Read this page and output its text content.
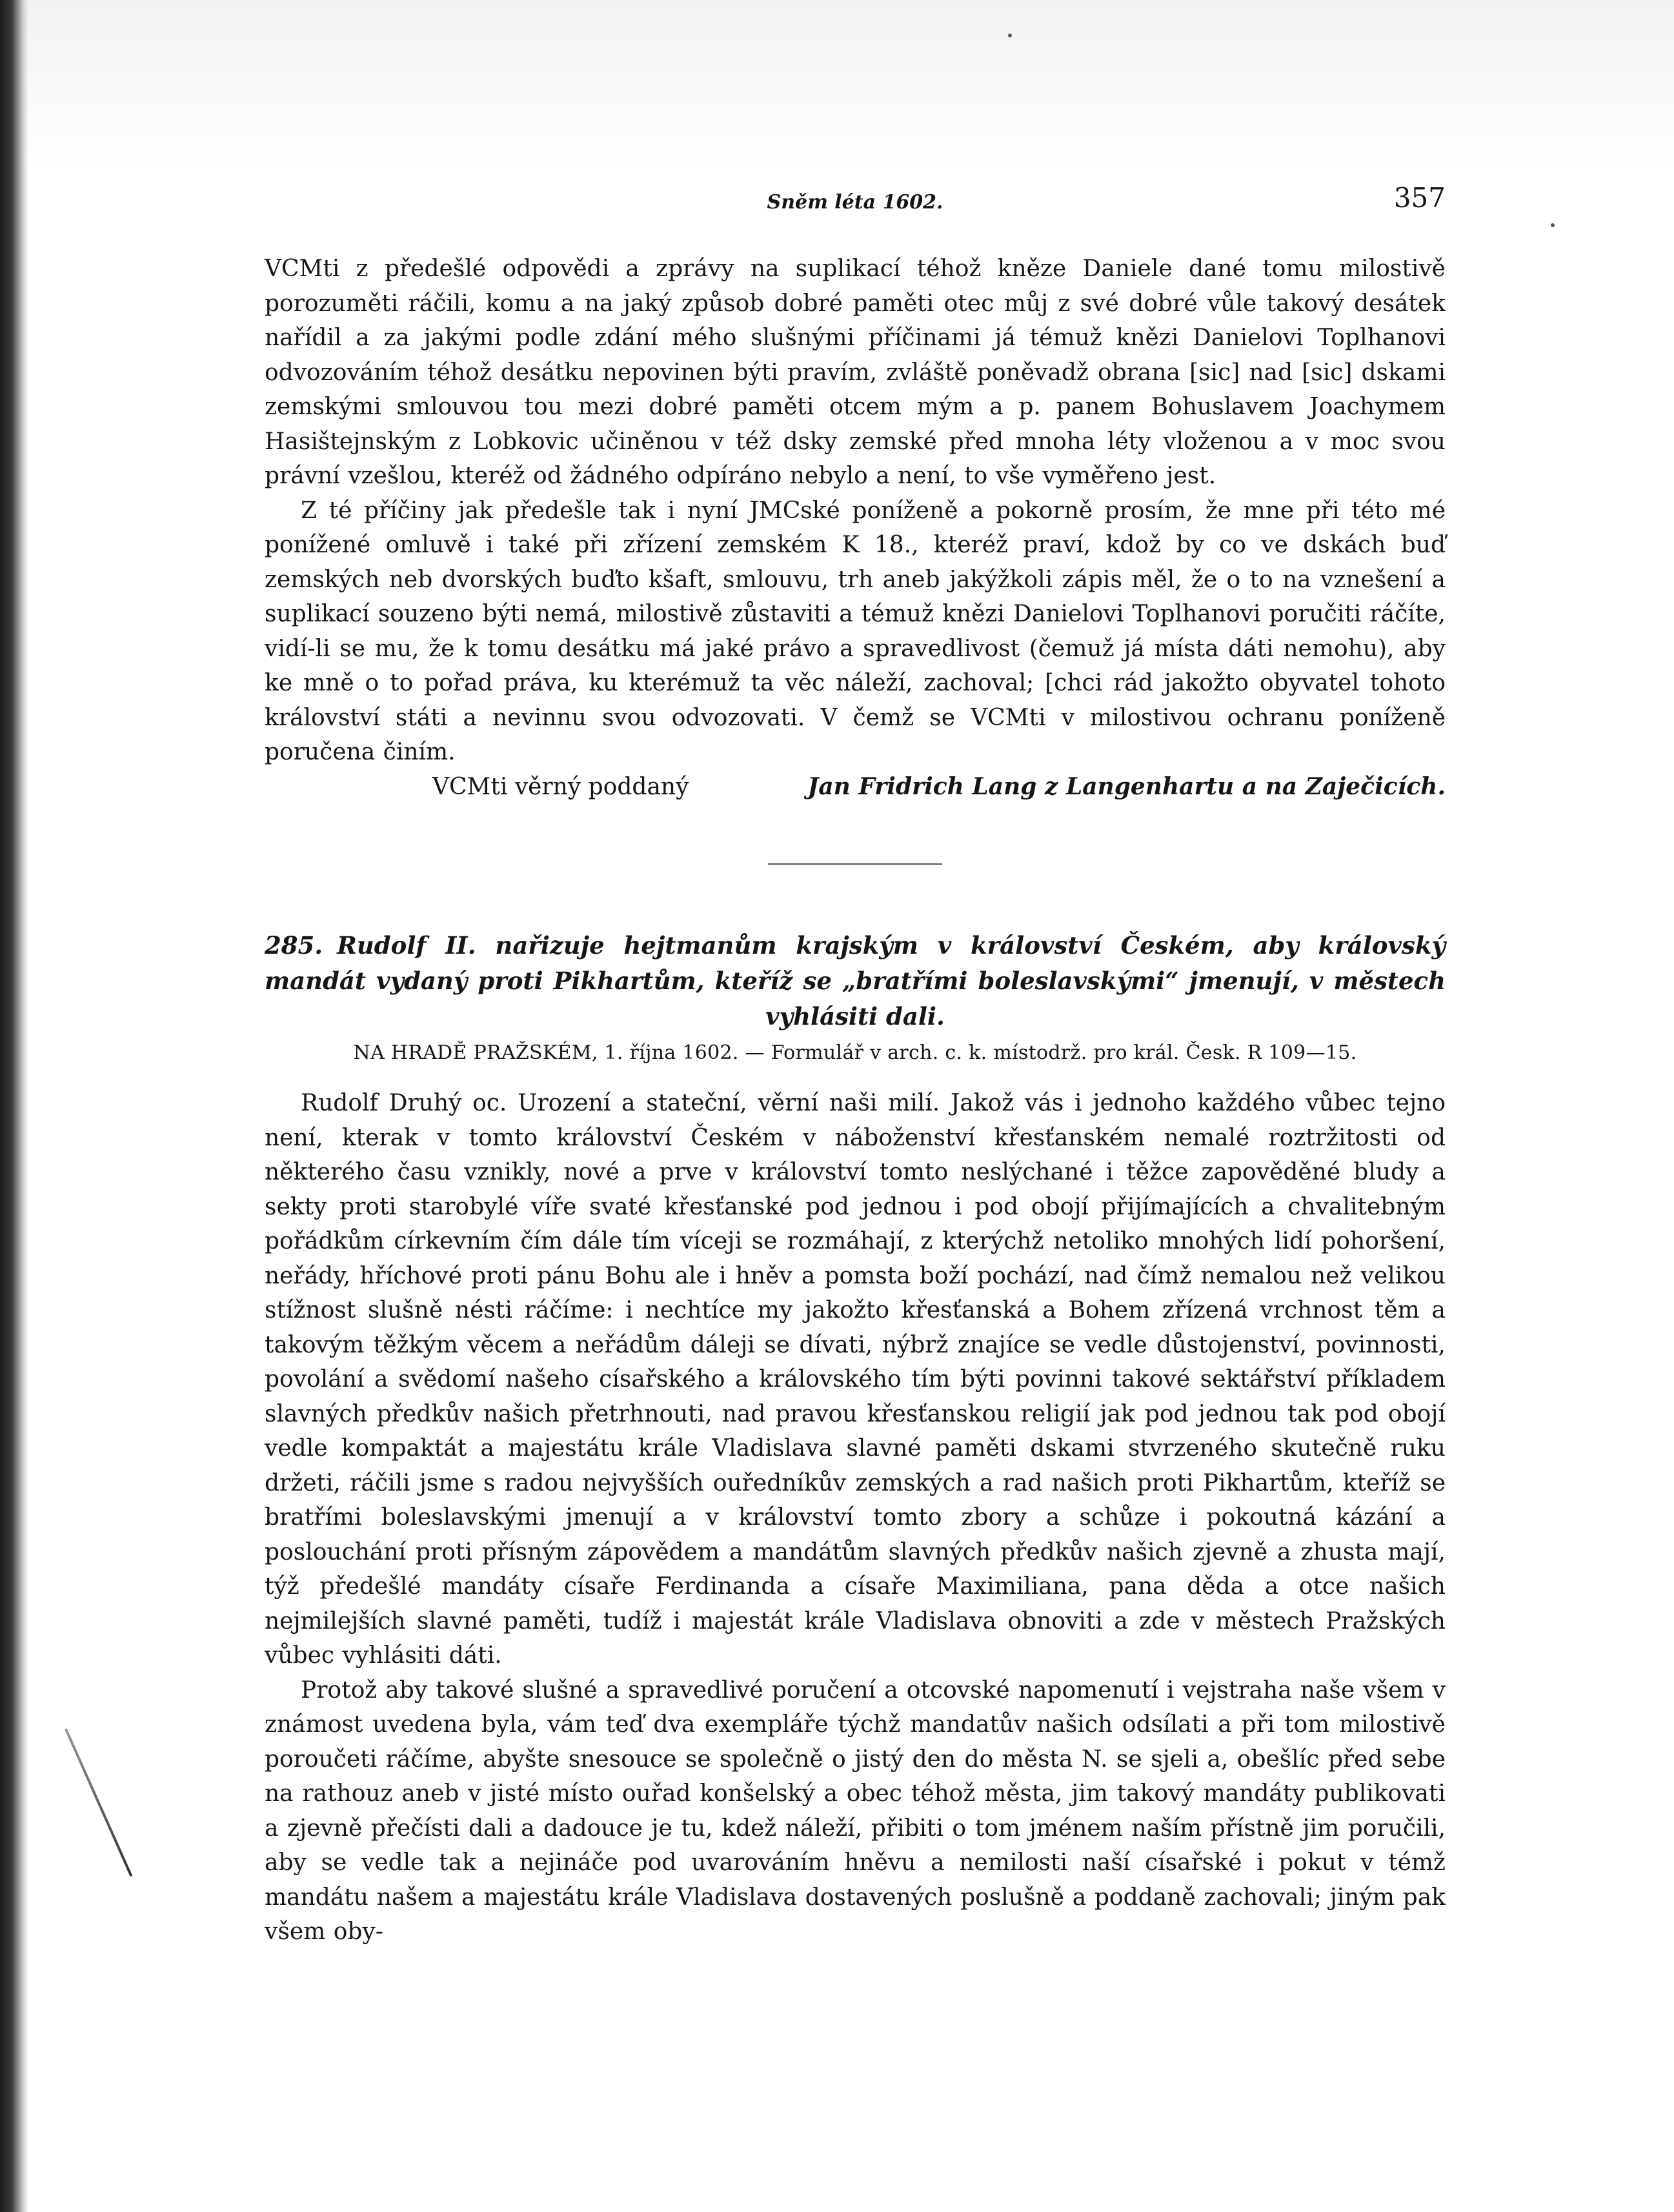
Sněm léta 1602.	357

VCMti z předešlé odpovědi a zprávy na suplikací téhož kněze Daniele dané tomu milostivě porozuměti ráčili, komu a na jaký způsob dobré paměti otec můj z své dobré vůle takový desátek nařídil a za jakými podle zdání mého slušnými příčinami já témuž knězi Danielovi Toplhanovi odvozováním téhož desátku nepovinen býti pravím, zvláště poněvadž obrana [sic] nad [sic] dskami zemskými smlouvou tou mezi dobré paměti otcem mým a p. panem Bohuslavem Joachymem Hasištejnským z Lobkovic učiněnou v též dsky zemské před mnoha léty vloženou a v moc svou právní vzešlou, kteréž od žádného odpíráno nebylo a není, to vše vyměřeno jest.

Z té příčiny jak předešle tak i nyní JMCské poníženě a pokorně prosím, že mne při této mé ponížené omluvě i také při zřízení zemském K 18., kteréž praví, kdož by co ve dskách buď zemských neb dvorských buďto kšaft, smlouvu, trh aneb jakýžkoli zápis měl, že o to na vznešení a suplikací souzeno býti nemá, milostivě zůstaviti a témuž knězi Danielovi Toplhanovi poručiti ráčíte, vidí-li se mu, že k tomu desátku má jaké právo a spravedlivost (čemuž já místa dáti nemohu), aby ke mně o to pořad práva, ku kterémuž ta věc náleží, zachoval; [chci rád jakožto obyvatel tohoto království státi a nevinnu svou odvozovati. V čemž se VCMti v milostivou ochranu poníženě poručena činím.

VCMti věrný poddaný	Jan Fridrich Lang z Langenhartu a na Zaječicích.
285. Rudolf II. nařizuje hejtmanům krajským v království Českém, aby královský mandát vydaný proti Pikhartům, kteříž se „bratřími boleslavskými“ jmenují, v městech vyhlásiti dali.
NA HRADĚ PRAŽSKÉM, 1. října 1602. — Formulář v arch. c. k. místodrž. pro král. Česk. R 109—15.

Rudolf Druhý oc. Urození a stateční, věrní naši milí. Jakož vás i jednoho každého vůbec tejno není, kterak v tomto království Českém v náboženství křesťanském nemalé roztržitosti od některého času vznikly, nové a prve v království tomto neslýchané i těžce zapověděné bludy a sekty proti starobylé víře svaté křesťanské pod jednou i pod obojí přijímajících a chvalitebným pořádkům církevním čím dále tím víceji se rozmáhají, z kterýchž netoliko mnohých lidí pohoršení, neřády, hříchové proti pánu Bohu ale i hněv a pomsta boží pochází, nad čímž nemalou než velikou stížnost slušně nésti ráčíme: i nechtíce my jakožto křesťanská a Bohem zřízená vrchnost těm a takovým těžkým věcem a neřádům dáleji se dívati, nýbrž znajíce se vedle důstojenství, povinnosti, povolání a svědomí našeho císařského a královského tím býti povinni takové sektářství příkladem slavných předkův našich přetrhnouti, nad pravou křesťanskou religií jak pod jednou tak pod obojí vedle kompaktát a majestátu krále Vladislava slavné paměti dskami stvrzeného skutečně ruku držeti, ráčili jsme s radou nejvyšších ouředníkův zemských a rad našich proti Pikhartům, kteříž se bratřími boleslavskými jmenují a v království tomto zbory a schůze i pokoutná kázání a poslouchání proti přísným zápovědem a mandátům slavných předkův našich zjevně a zhusta mají, týž předešlé mandáty císaře Ferdinanda a císaře Maximiliana, pana děda a otce našich nejmilejších slavné paměti, tudíž i majestát krále Vladislava obnoviti a zde v městech Pražských vůbec vyhlásiti dáti.

Protož aby takové slušné a spravedlivé poručení a otcovské napomenutí i vejstraha naše všem v známost uvedena byla, vám teď dva exempláře týchž mandatův našich odsílati a při tom milostivě poroučeti ráčíme, abyšte snesouce se společně o jistý den do města N. se sjeli a, obešlíc před sebe na rathouz aneb v jisté místo ouřad konšelský a obec téhož města, jim takový mandáty publikovati a zjevně přečísti dali a dadouce je tu, kdež náleží, přibiti o tom jménem naším přístně jim poručili, aby se vedle tak a nejináče pod uvarováním hněvu a nemilosti naší císařské i pokut v témž mandátu našem a majestátu krále Vladislava dostavených poslušně a poddaně zachovali; jiným pak všem oby-
